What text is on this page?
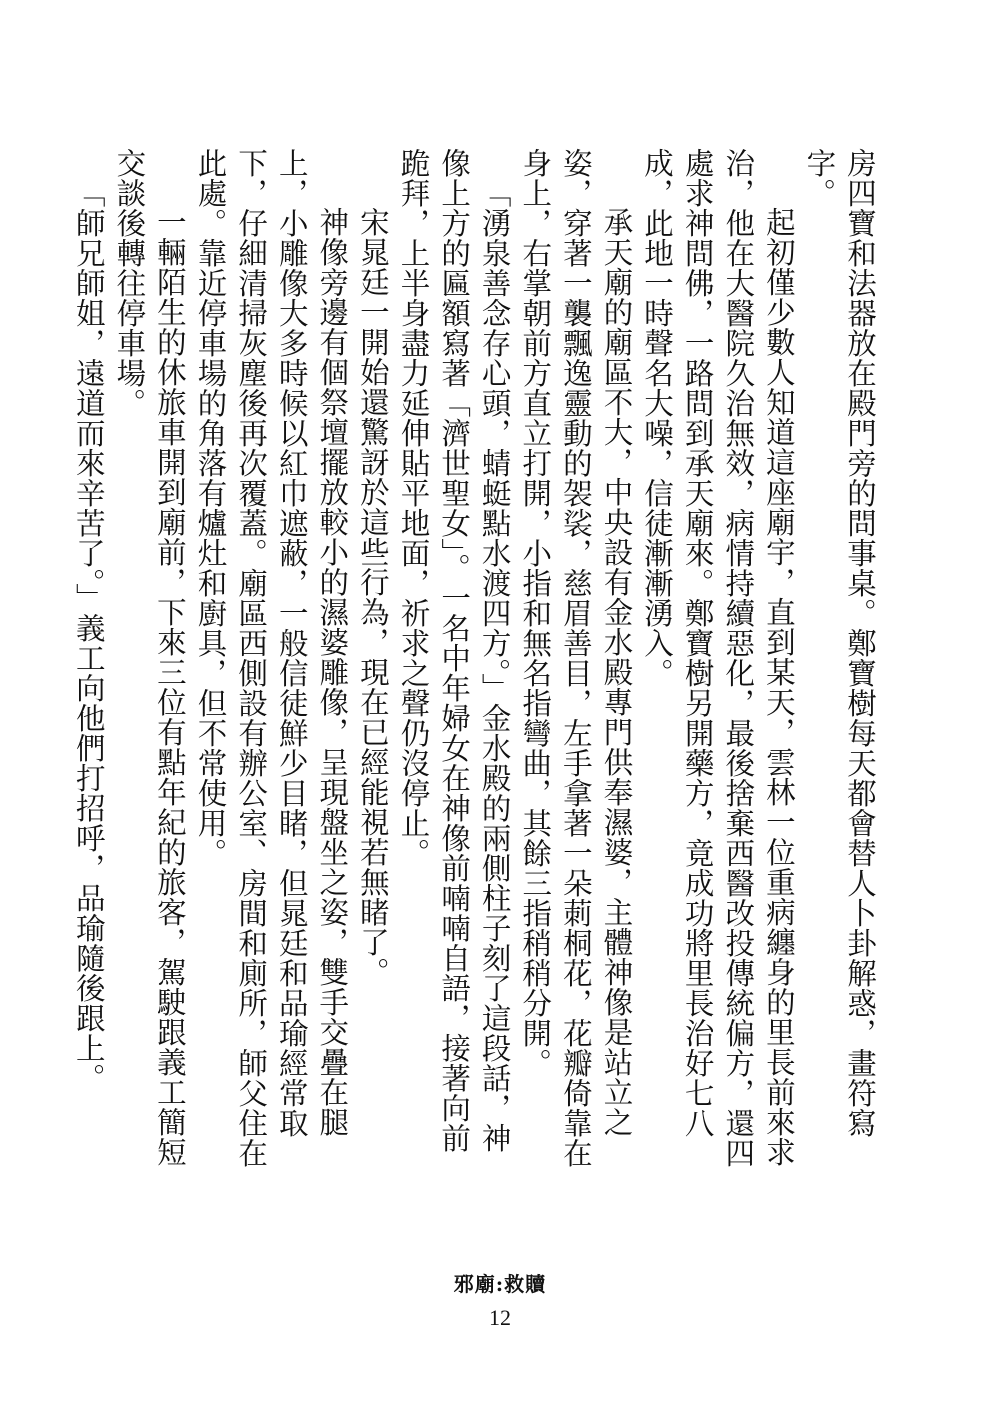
房四寶和法器放在殿門旁的問事桌。鄭寶樹每天都會替人卜卦解惑，畫符寫字。

起初僅少數人知道這座廟宇，直到某天，雲林一位重病纏身的里長前來求治，他在大醫院久治無效，病情持續惡化，最後捨棄西醫改投傳統偏方，還四處求神問佛，一路問到承天廟來。鄭寶樹另開藥方，竟成功將里長治好七八成，此地一時聲名大噪，信徒漸漸湧入。

承天廟的廟區不大，中央設有金水殿專門供奉濕婆，主體神像是站立之姿，穿著一襲飄逸靈動的袈裟，慈眉善目，左手拿著一朵莿桐花，花瓣倚靠在身上，右掌朝前方直立打開，小指和無名指彎曲，其餘三指稍稍分開。

「湧泉善念存心頭，蜻蜓點水渡四方。」金水殿的兩側柱子刻了這段話，神像上方的匾額寫著「濟世聖女」。一名中年婦女在神像前喃喃自語，接著向前跪拜，上半身盡力延伸貼平地面，祈求之聲仍沒停止。

宋晁廷一開始還驚訝於這些行為，現在已經能視若無睹了。

神像旁邊有個祭壇擺放較小的濕婆雕像，呈現盤坐之姿，雙手交疊在腿上，小雕像大多時候以紅巾遮蔽，一般信徒鮮少目睹，但晁廷和品瑜經常取下，仔細清掃灰塵後再次覆蓋。廟區西側設有辦公室、房間和廁所，師父住在此處。靠近停車場的角落有爐灶和廚具，但不常使用。

一輛陌生的休旅車開到廟前，下來三位有點年紀的旅客，駕駛跟義工簡短交談後轉往停車場。

「師兄師姐，遠道而來辛苦了。」義工向他們打招呼，品瑜隨後跟上。

邪廟:救贖
12
